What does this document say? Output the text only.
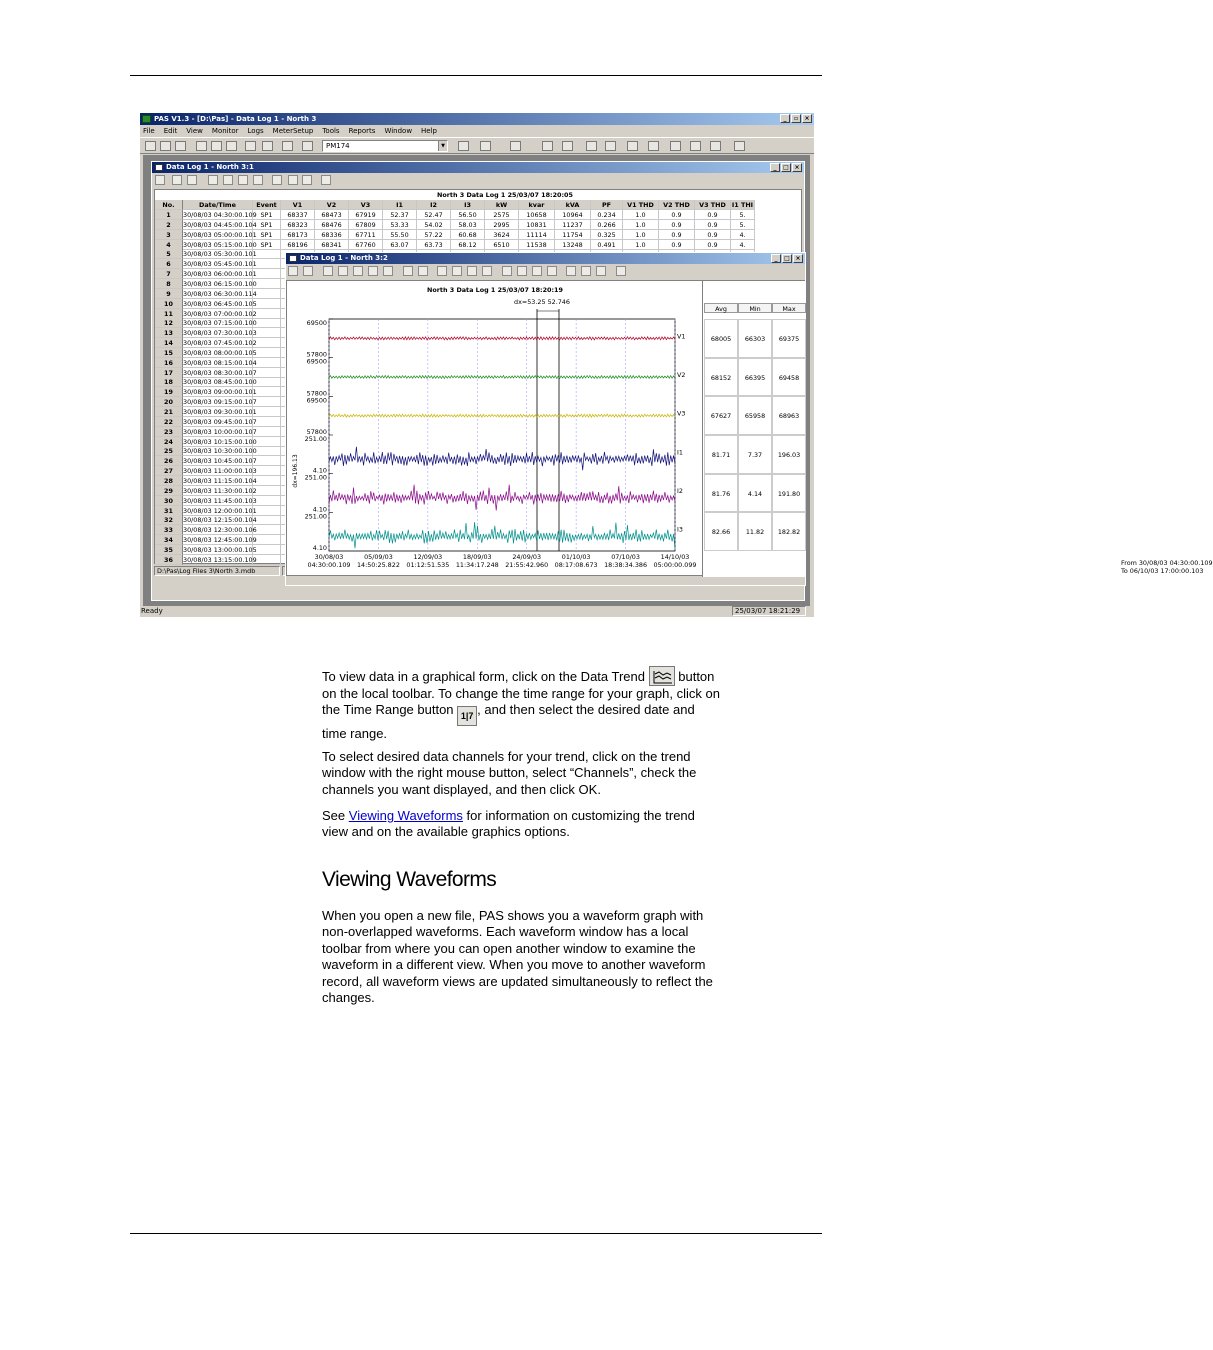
PAS V1.3 - [D:\Pas] - Data Log 1 - North 3	_	▫	×
File Edit View Monitor Logs MeterSetup Tools Reports Window Help
PM174	▼
Data Log 1 - North 3:1	_	□ ×
North 3 Data Log 1 25/03/07 18:20:05
No.	Date/Time	Event	V1	V2	V3	I1	I2	I3	kW	kvar	kVA	PF	V1 THD	V2 THD	V3 THD I1 THI
1	30/08/03 04:30:00.109 SP1	68337	68473	67919	52.37	52.47	56.50	2575	10658	10964	0.234	1.0	0.9	0.9	5.
2	30/08/03 04:45:00.104 SP1	68323	68476	67809	53.33	54.02	58.03	2995	10831	11237	0.266	1.0	0.9	0.9	5.
3	30/08/03 05:00:00.101 SP1	68173	68336	67711	55.50	57.22	60.68	3624	11114	11754	0.325	1.0	0.9	0.9	4.
4	30/08/03 05:15:00.100 SP1	68196	68341	67760	63.07	63.73	68.12	6510	11538	13248	0.491	1.0	0.9	0.9	4.
5	30/08/03 05:30:00.101
6	30/08/03 05:45:00.101
7	30/08/03 06:00:00.101
8	30/08/03 06:15:00.100
9	30/08/03 06:30:00.114
10	30/08/03 06:45:00.105
11	30/08/03 07:00:00.102
12	30/08/03 07:15:00.100
13	30/08/03 07:30:00.103
14	30/08/03 07:45:00.102
15	30/08/03 08:00:00.105
16	30/08/03 08:15:00.104
17	30/08/03 08:30:00.107
18	30/08/03 08:45:00.100
19	30/08/03 09:00:00.101
20	30/08/03 09:15:00.107
21	30/08/03 09:30:00.101
22	30/08/03 09:45:00.107
23	30/08/03 10:00:00.107
24	30/08/03 10:15:00.100
25	30/08/03 10:30:00.100
26	30/08/03 10:45:00.107
27	30/08/03 11:00:00.103
28	30/08/03 11:15:00.104
29	30/08/03 11:30:00.102
30	30/08/03 11:45:00.103
31	30/08/03 12:00:00.101
32	30/08/03 12:15:00.104
33	30/08/03 12:30:00.106
34	30/08/03 12:45:00.109
35	30/08/03 13:00:00.105
36	30/08/03 13:15:00.109
D:\Pas\Log Files 3\North 3.mdb
Data Log 1 - North 3:2	_	□ ×
North 3 Data Log 1 25/03/07 18:20:19
dx=53.25 52.746
30/08/03
04:30:00.109
05/09/03
14:50:25.822
12/09/03
01:12:51.535
18/09/03
11:34:17.248
24/09/03
21:55:42.960
01/10/03
08:17:08.673
07/10/03
18:38:34.386
14/10/03
05:00:00.099
dx=196.13
69500
57800
V1
69500
57800
V2
69500
57800
V3
251.00
4.10
I1
251.00
4.10
I2
251.00
4.10
I3
Avg	Min	Max
68005	66303	69375
68152	66395	69458
67627	65958	68963
81.71	7.37	196.03
81.76	4.14	191.80
82.66	11.82	182.82
From 30/08/03 04:30:00.109
To 06/10/03 17:00:00.103
Ready	25/03/07 18:21:29
To view data in a graphical form, click on the Data Trend	button on the local toolbar. To change the time range for your graph, click on the Time Range button 1|7 , and then select the desired date and time range.
To select desired data channels for your trend, click on the trend window with the right mouse button, select “Channels”, check the channels you want displayed, and then click OK.
See Viewing Waveforms for information on customizing the trend view and on the available graphics options.
Viewing Waveforms
When you open a new file, PAS shows you a waveform graph with non-overlapped waveforms. Each waveform window has a local toolbar from where you can open another window to examine the waveform in a different view. When you move to another waveform record, all waveform views are updated simultaneously to reflect the changes.
